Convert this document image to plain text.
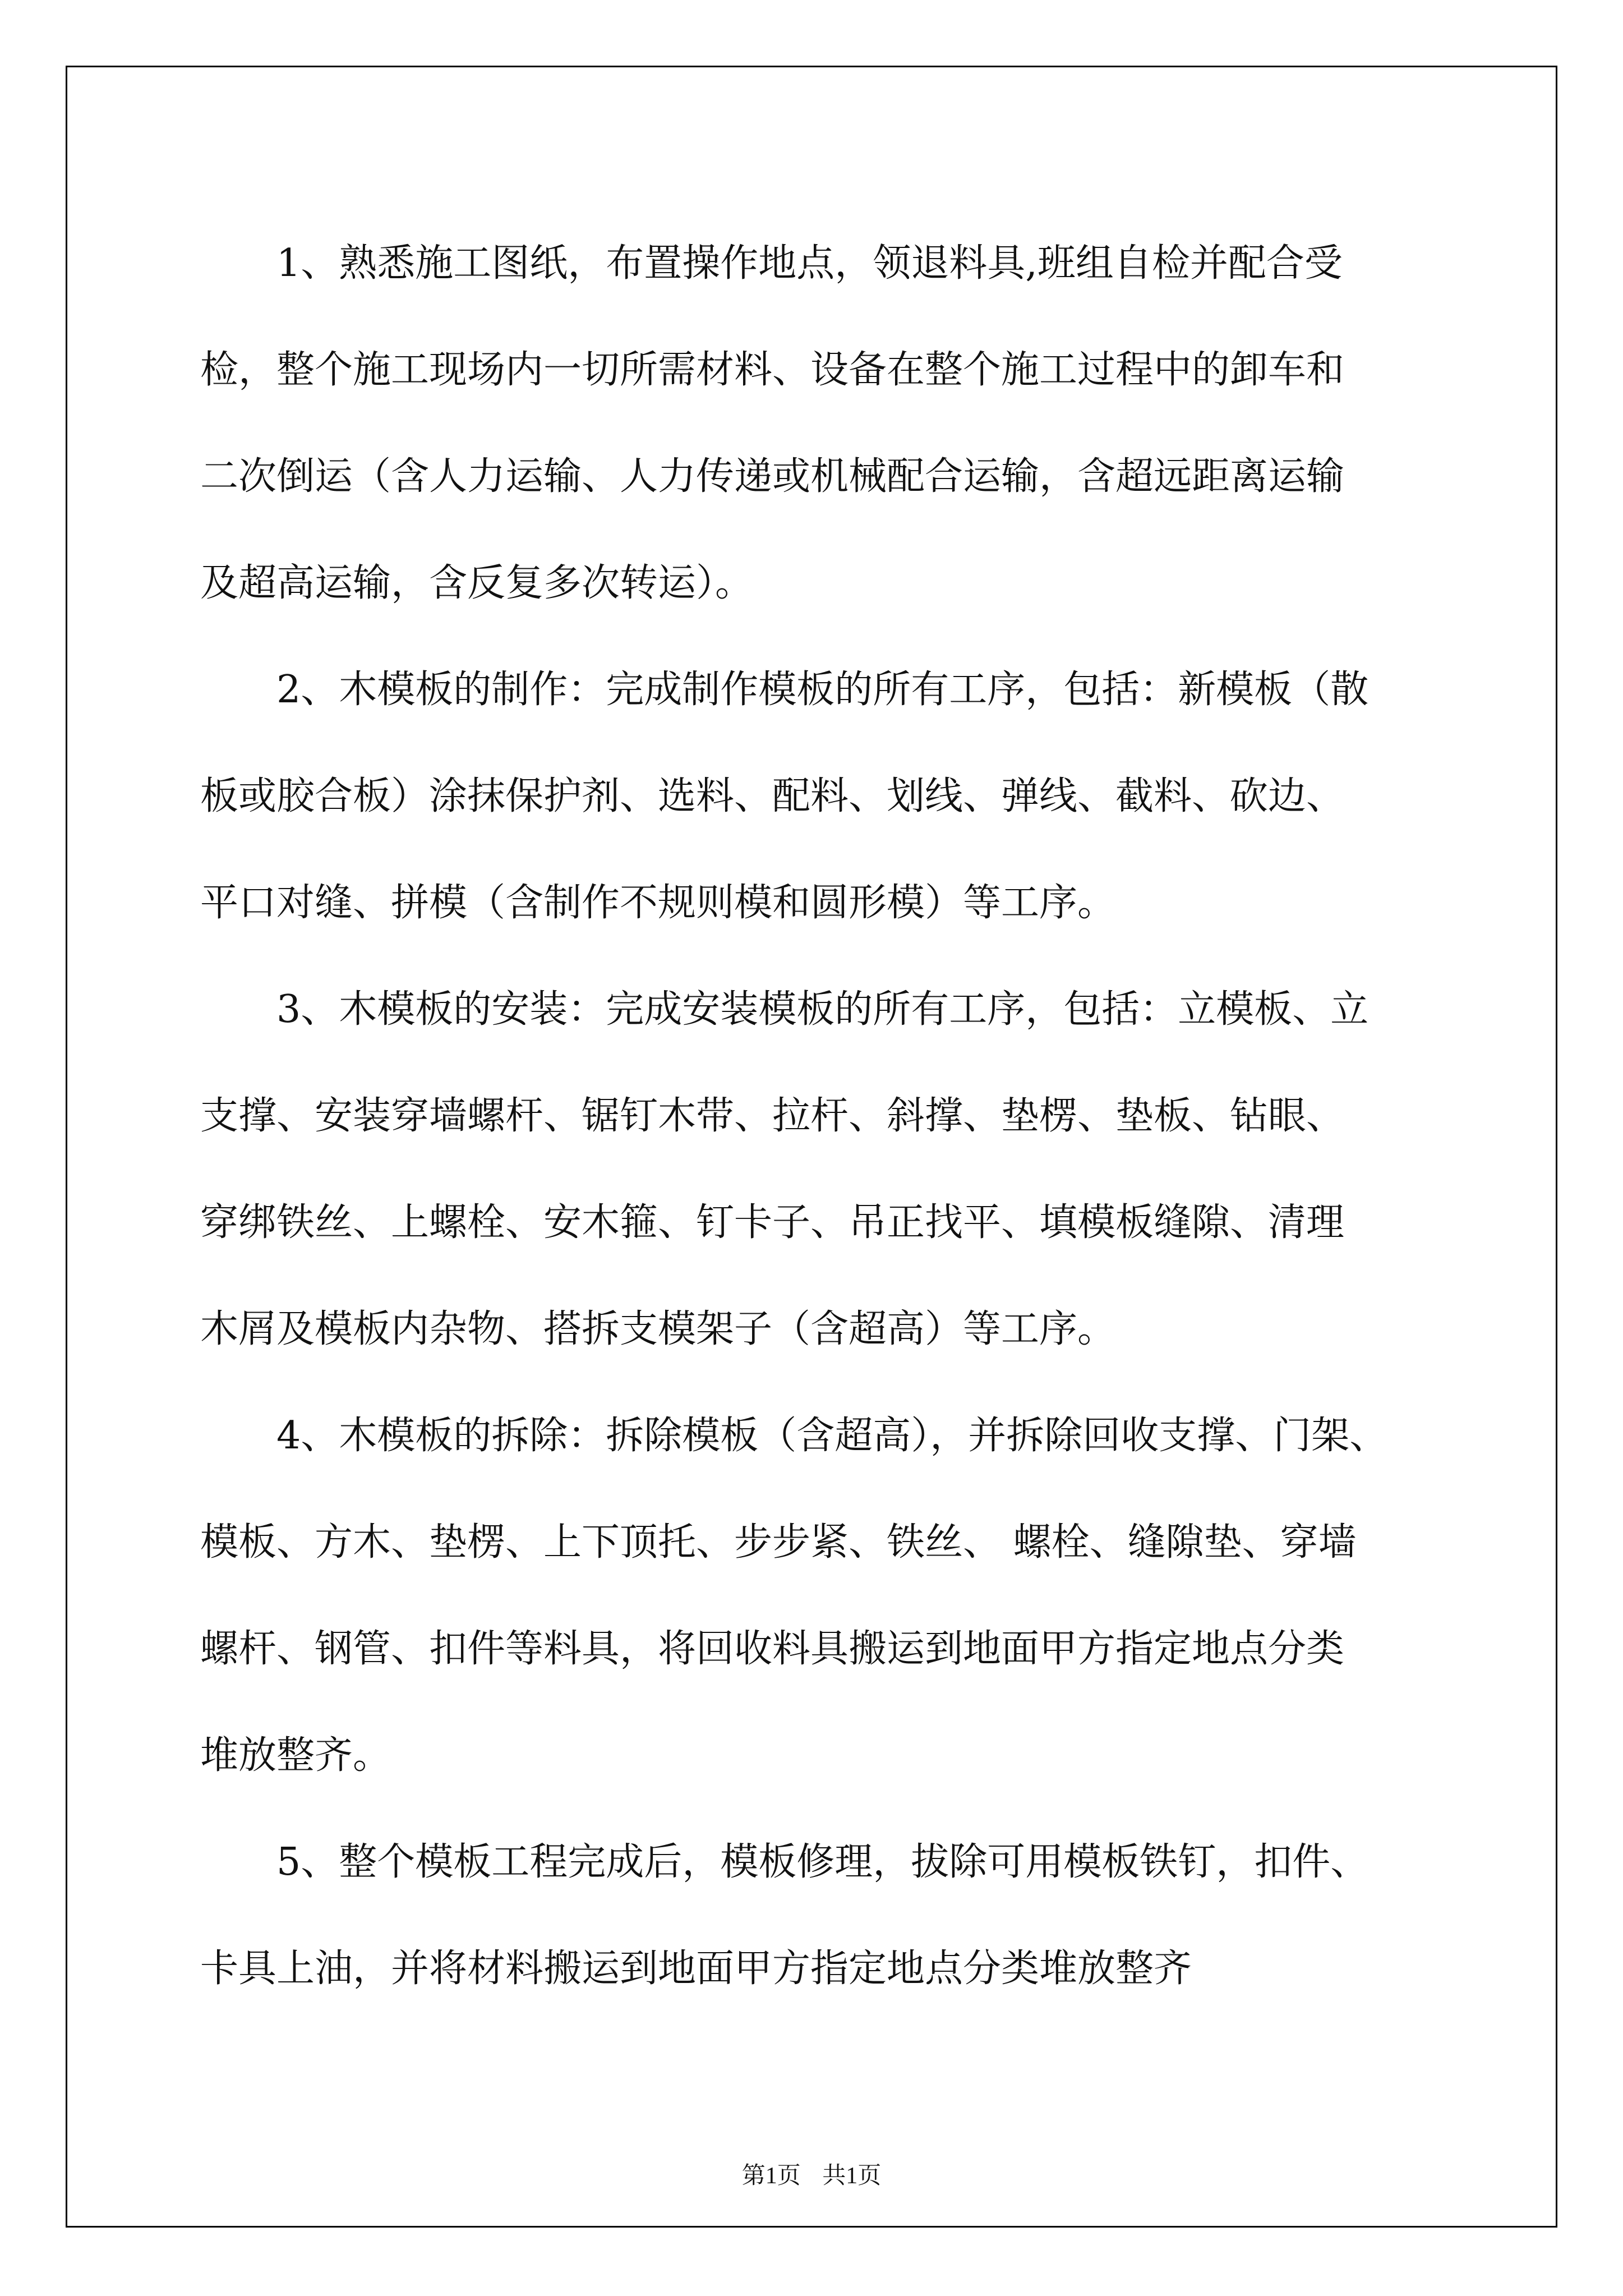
1、熟悉施工图纸，布置操作地点，领退料具,班组自检并配合受
检，整个施工现场内一切所需材料、设备在整个施工过程中的卸车和
二次倒运（含人力运输、人力传递或机械配合运输，含超远距离运输
及超高运输，含反复多次转运）。
2、木模板的制作：完成制作模板的所有工序，包括：新模板（散
板或胶合板）涂抹保护剂、选料、配料、划线、弹线、截料、砍边、
平口对缝、拼模（含制作不规则模和圆形模）等工序。
3、木模板的安装：完成安装模板的所有工序，包括：立模板、立
支撑、安装穿墙螺杆、锯钉木带、拉杆、斜撑、垫楞、垫板、钻眼、
穿绑铁丝、上螺栓、安木箍、钉卡子、吊正找平、填模板缝隙、清理
木屑及模板内杂物、搭拆支模架子（含超高）等工序。
4、木模板的拆除：拆除模板（含超高），并拆除回收支撑、门架、
模板、方木、垫楞、上下顶托、步步紧、铁丝、 螺栓、缝隙垫、穿墙
螺杆、钢管、扣件等料具，将回收料具搬运到地面甲方指定地点分类
堆放整齐。
5、整个模板工程完成后，模板修理，拔除可用模板铁钉，扣件、
卡具上油，并将材料搬运到地面甲方指定地点分类堆放整齐
第1页 共1页
